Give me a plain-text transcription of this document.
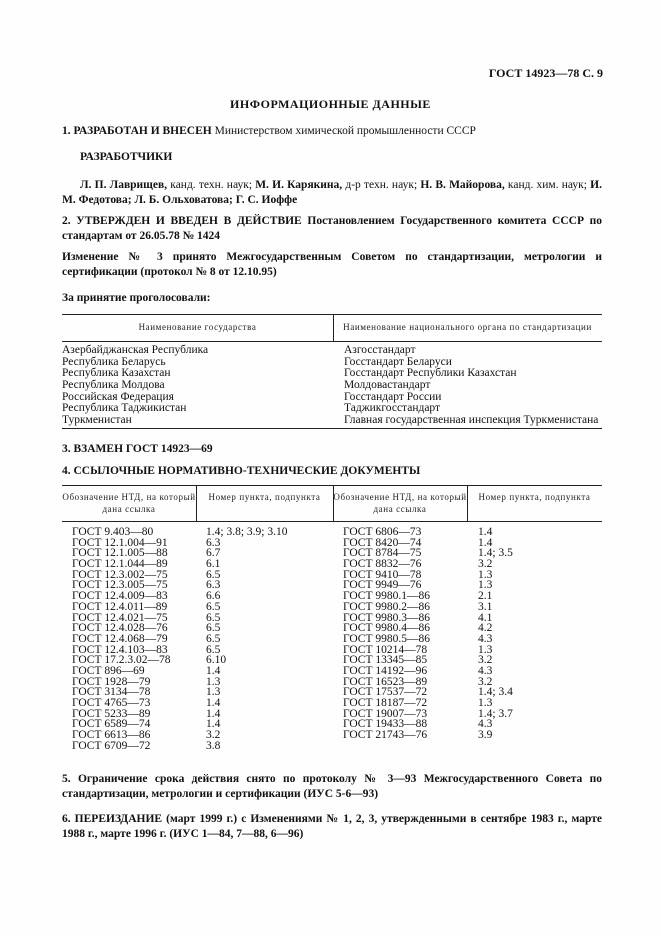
ГОСТ 14923—78 С. 9
ИНФОРМАЦИОННЫЕ ДАННЫЕ
1. РАЗРАБОТАН И ВНЕСЕН Министерством химической промышленности СССР
РАЗРАБОТЧИКИ
Л. П. Лаврищев, канд. техн. наук; М. И. Карякина, д-р техн. наук; Н. В. Майорова, канд. хим. наук; И. М. Федотова; Л. Б. Ольховатова; Г. С. Иоффе
2. УТВЕРЖДЕН И ВВЕДЕН В ДЕЙСТВИЕ Постановлением Государственного комитета СССР по стандартам от 26.05.78 № 1424
Изменение № 3 принято Межгосударственным Советом по стандартизации, метрологии и сертификации (протокол № 8 от 12.10.95)
За принятие проголосовали:
Наименование государства	Наименование национального органа по стандартизации
Азербайджанская Республика
Республика Беларусь
Республика Казахстан
Республика Молдова
Российская Федерация
Республика Таджикистан
Туркменистан
Азгосстандарт
Госстандарт Беларуси
Госстандарт Республики Казахстан
Молдовастандарт
Госстандарт России
Таджикгосстандарт
Главная государственная инспекция Туркменистана
3. ВЗАМЕН ГОСТ 14923—69
4. ССЫЛОЧНЫЕ НОРМАТИВНО-ТЕХНИЧЕСКИЕ ДОКУМЕНТЫ
Обозначение НТД, на который дана ссылка
Номер пункта, подпункта	Обозначение НТД, на который дана ссылка
Номер пункта, подпункта
ГОСТ 9.403—80
ГОСТ 12.1.004—91
ГОСТ 12.1.005—88
ГОСТ 12.1.044—89
ГОСТ 12.3.002—75
ГОСТ 12.3.005—75
ГОСТ 12.4.009—83
ГОСТ 12.4.011—89
ГОСТ 12.4.021—75
ГОСТ 12.4.028—76
ГОСТ 12.4.068—79
ГОСТ 12.4.103—83
ГОСТ 17.2.3.02—78
ГОСТ 896—69
ГОСТ 1928—79
ГОСТ 3134—78
ГОСТ 4765—73
ГОСТ 5233—89
ГОСТ 6589—74
ГОСТ 6613—86
ГОСТ 6709—72
1.4; 3.8; 3.9; 3.10
6.3
6.7
6.1
6.5
6.3
6.6
6.5
6.5
6.5
6.5
6.5
6.10
1.4
1.3
1.3
1.4
1.4
1.4
3.2
3.8
ГОСТ 6806—73
ГОСТ 8420—74
ГОСТ 8784—75
ГОСТ 8832—76
ГОСТ 9410—78
ГОСТ 9949—76
ГОСТ 9980.1—86
ГОСТ 9980.2—86
ГОСТ 9980.3—86
ГОСТ 9980.4—86
ГОСТ 9980.5—86
ГОСТ 10214—78
ГОСТ 13345—85
ГОСТ 14192—96
ГОСТ 16523—89
ГОСТ 17537—72
ГОСТ 18187—72
ГОСТ 19007—73
ГОСТ 19433—88
ГОСТ 21743—76
1.4
1.4
1.4; 3.5
3.2
1.3
1.3
2.1
3.1
4.1
4.2
4.3
1.3
3.2
4.3
3.2
1.4; 3.4
1.3
1.4; 3.7
4.3
3.9
5. Ограничение срока действия снято по протоколу № 3—93 Межгосударственного Совета по стандартизации, метрологии и сертификации (ИУС 5-6—93)
6. ПЕРЕИЗДАНИЕ (март 1999 г.) с Изменениями № 1, 2, 3, утвержденными в сентябре 1983 г., марте 1988 г., марте 1996 г. (ИУС 1—84, 7—88, 6—96)
